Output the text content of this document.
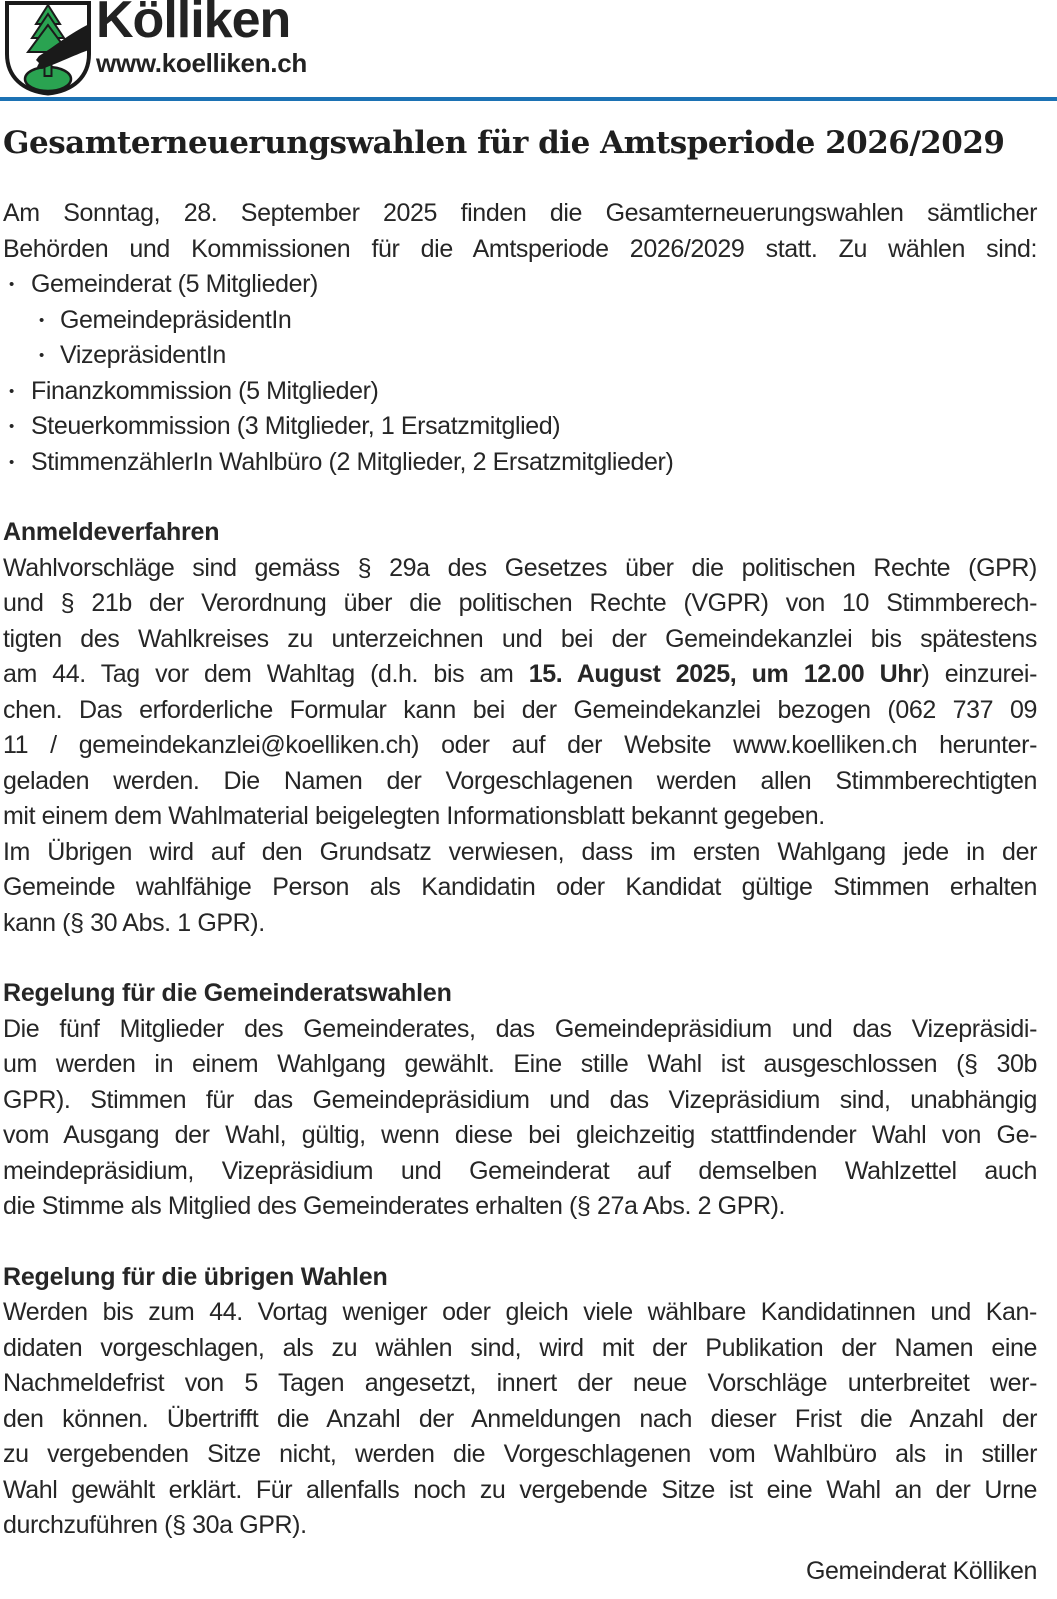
Kölliken
www.koelliken.ch
Gesamterneuerungswahlen für die Amtsperiode 2026/2029
Am Sonntag, 28. September 2025 finden die Gesamterneuerungswahlen sämtlicher
Behörden und Kommissionen für die Amtsperiode 2026/2029 statt. Zu wählen sind:
• Gemeinderat (5 Mitglieder)
• GemeindepräsidentIn
• VizepräsidentIn
• Finanzkommission (5 Mitglieder)
• Steuerkommission (3 Mitglieder, 1 Ersatzmitglied)
• StimmenzählerIn Wahlbüro (2 Mitglieder, 2 Ersatzmitglieder)
Anmeldeverfahren
Wahlvorschläge sind gemäss § 29a des Gesetzes über die politischen Rechte (GPR)
und § 21b der Verordnung über die politischen Rechte (VGPR) von 10 Stimmberech-
tigten des Wahlkreises zu unterzeichnen und bei der Gemeindekanzlei bis spätestens
am 44. Tag vor dem Wahltag (d.h. bis am 15. August 2025, um 12.00 Uhr) einzurei-
chen. Das erforderliche Formular kann bei der Gemeindekanzlei bezogen (062 737 09
11 / gemeindekanzlei@koelliken.ch) oder auf der Website www.koelliken.ch herunter-
geladen werden. Die Namen der Vorgeschlagenen werden allen Stimmberechtigten
mit einem dem Wahlmaterial beigelegten Informationsblatt bekannt gegeben.
Im Übrigen wird auf den Grundsatz verwiesen, dass im ersten Wahlgang jede in der
Gemeinde wahlfähige Person als Kandidatin oder Kandidat gültige Stimmen erhalten
kann (§ 30 Abs. 1 GPR).
Regelung für die Gemeinderatswahlen
Die fünf Mitglieder des Gemeinderates, das Gemeindepräsidium und das Vizepräsidi-
um werden in einem Wahlgang gewählt. Eine stille Wahl ist ausgeschlossen (§ 30b
GPR). Stimmen für das Gemeindepräsidium und das Vizepräsidium sind, unabhängig
vom Ausgang der Wahl, gültig, wenn diese bei gleichzeitig stattfindender Wahl von Ge-
meindepräsidium, Vizepräsidium und Gemeinderat auf demselben Wahlzettel auch
die Stimme als Mitglied des Gemeinderates erhalten (§ 27a Abs. 2 GPR).
Regelung für die übrigen Wahlen
Werden bis zum 44. Vortag weniger oder gleich viele wählbare Kandidatinnen und Kan-
didaten vorgeschlagen, als zu wählen sind, wird mit der Publikation der Namen eine
Nachmeldefrist von 5 Tagen angesetzt, innert der neue Vorschläge unterbreitet wer-
den können. Übertrifft die Anzahl der Anmeldungen nach dieser Frist die Anzahl der
zu vergebenden Sitze nicht, werden die Vorgeschlagenen vom Wahlbüro als in stiller
Wahl gewählt erklärt. Für allenfalls noch zu vergebende Sitze ist eine Wahl an der Urne
durchzuführen (§ 30a GPR).
Gemeinderat Kölliken
